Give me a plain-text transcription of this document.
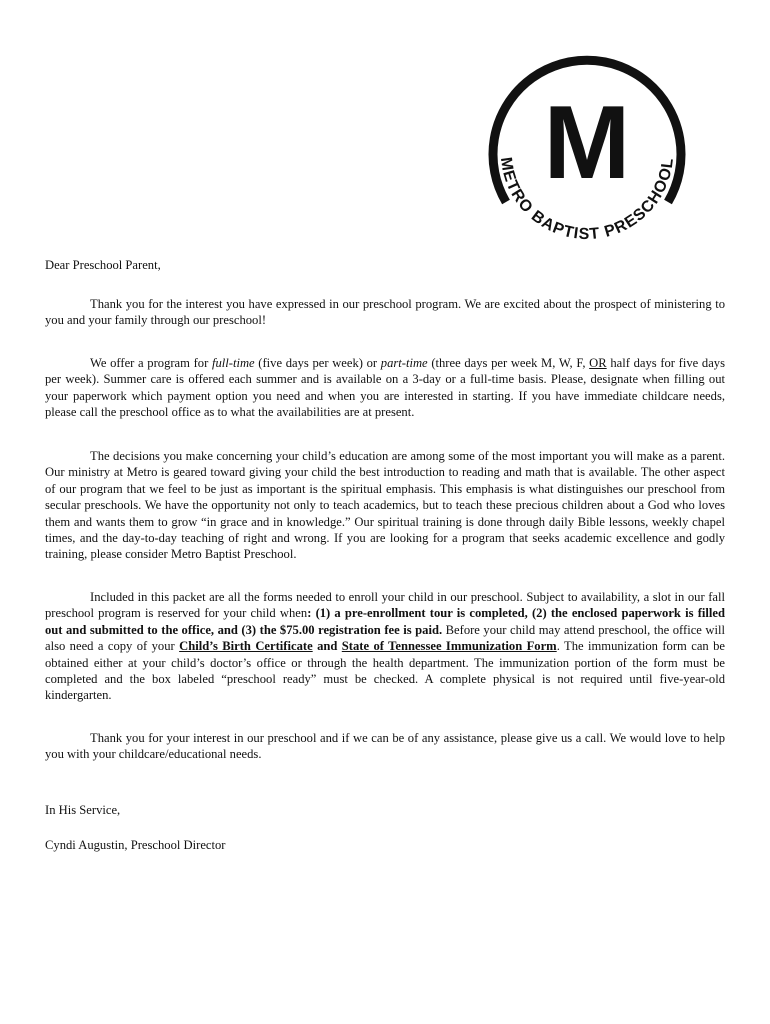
M
METRO BAPTIST PRESCHOOL

Dear Preschool Parent,

Thank you for the interest you have expressed in our preschool program. We are excited about the prospect of ministering to you and your family through our preschool!

We offer a program for full-time (five days per week) or part-time (three days per week M, W, F, OR half days for five days per week). Summer care is offered each summer and is available on a 3-day or a full-time basis. Please, designate when filling out your paperwork which payment option you need and when you are interested in starting. If you have immediate childcare needs, please call the preschool office as to what the availabilities are at present.

The decisions you make concerning your child’s education are among some of the most important you will make as a parent. Our ministry at Metro is geared toward giving your child the best introduction to reading and math that is available. The other aspect of our program that we feel to be just as important is the spiritual emphasis. This emphasis is what distinguishes our preschool from secular preschools. We have the opportunity not only to teach academics, but to teach these precious children about a God who loves them and wants them to grow “in grace and in knowledge.” Our spiritual training is done through daily Bible lessons, weekly chapel times, and the day-to-day teaching of right and wrong. If you are looking for a program that seeks academic excellence and godly training, please consider Metro Baptist Preschool.

Included in this packet are all the forms needed to enroll your child in our preschool. Subject to availability, a slot in our fall preschool program is reserved for your child when: (1) a pre-enrollment tour is completed, (2) the enclosed paperwork is filled out and submitted to the office, and (3) the $75.00 registration fee is paid. Before your child may attend preschool, the office will also need a copy of your Child’s Birth Certificate and State of Tennessee Immunization Form. The immunization form can be obtained either at your child’s doctor’s office or through the health department. The immunization portion of the form must be completed and the box labeled “preschool ready” must be checked. A complete physical is not required until five-year-old kindergarten.

Thank you for your interest in our preschool and if we can be of any assistance, please give us a call. We would love to help you with your childcare/educational needs.

In His Service,

Cyndi Augustin, Preschool Director
